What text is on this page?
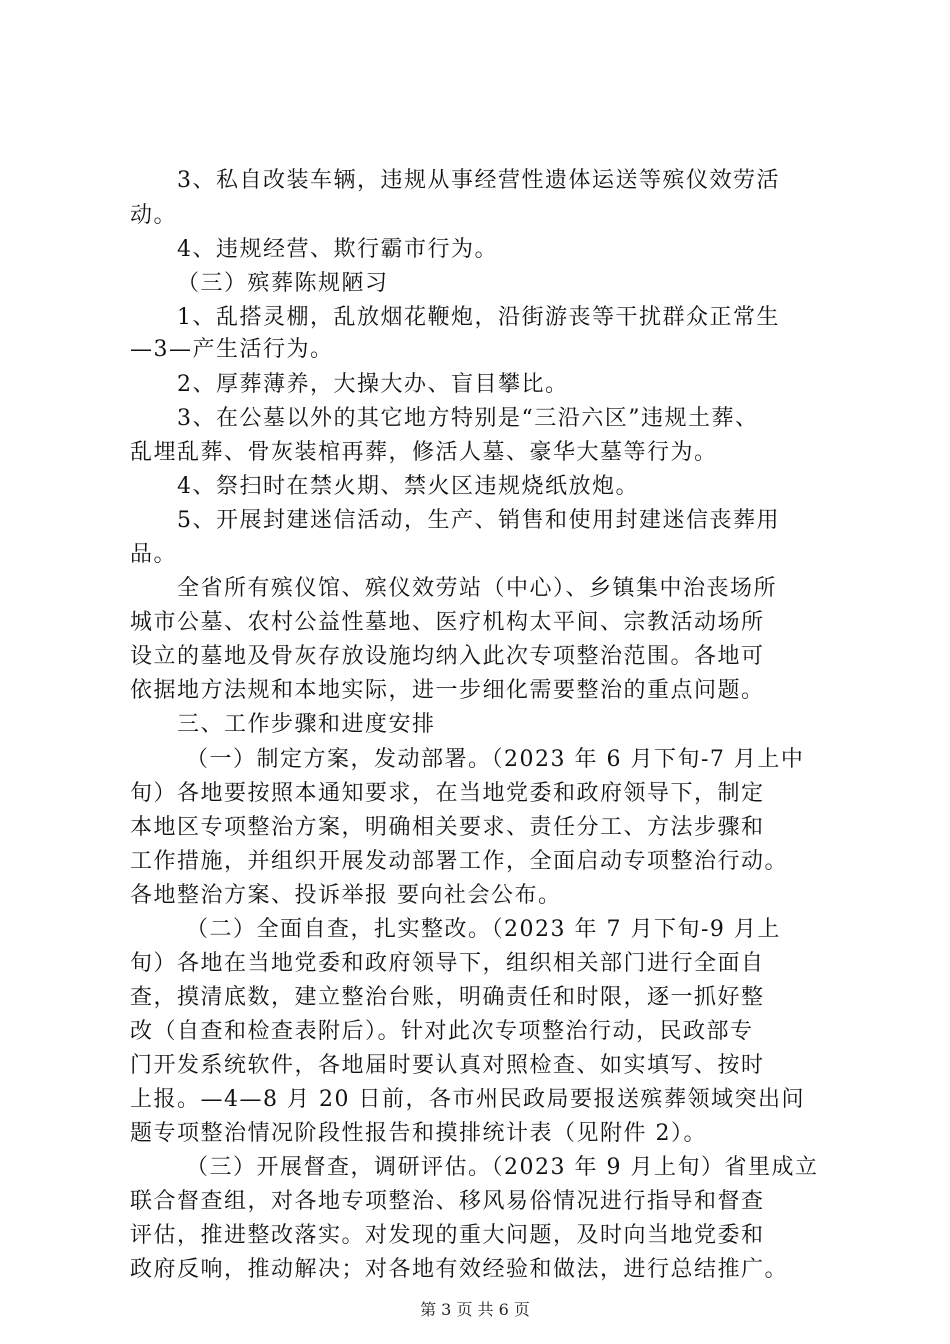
3、私自改装车辆，违规从事经营性遗体运送等殡仪效劳活
动。
4、违规经营、欺行霸市行为。
（三）殡葬陈规陋习
1、乱搭灵棚，乱放烟花鞭炮，沿街游丧等干扰群众正常生
—3—产生活行为。
2、厚葬薄养，大操大办、盲目攀比。
3、在公墓以外的其它地方特别是“三沿六区”违规土葬、
乱埋乱葬、骨灰装棺再葬，修活人墓、豪华大墓等行为。
4、祭扫时在禁火期、禁火区违规烧纸放炮。
5、开展封建迷信活动，生产、销售和使用封建迷信丧葬用
品。
全省所有殡仪馆、殡仪效劳站（中心）、乡镇集中治丧场所
城市公墓、农村公益性墓地、医疗机构太平间、宗教活动场所
设立的墓地及骨灰存放设施均纳入此次专项整治范围。各地可
依据地方法规和本地实际，进一步细化需要整治的重点问题。
三、工作步骤和进度安排
（一）制定方案，发动部署。（2023 年 6 月下旬-7 月上中
旬）各地要按照本通知要求，在当地党委和政府领导下，制定
本地区专项整治方案，明确相关要求、责任分工、方法步骤和
工作措施，并组织开展发动部署工作，全面启动专项整治行动。
各地整治方案、投诉举报 要向社会公布。
（二）全面自查，扎实整改。（2023 年 7 月下旬-9 月上
旬）各地在当地党委和政府领导下，组织相关部门进行全面自
查，摸清底数，建立整治台账，明确责任和时限，逐一抓好整
改（自查和检查表附后）。针对此次专项整治行动，民政部专
门开发系统软件，各地届时要认真对照检查、如实填写、按时
上报。—4—8 月 20 日前，各市州民政局要报送殡葬领域突出问
题专项整治情况阶段性报告和摸排统计表（见附件 2）。
（三）开展督查，调研评估。（2023 年 9 月上旬）省里成立
联合督查组，对各地专项整治、移风易俗情况进行指导和督查
评估，推进整改落实。对发现的重大问题，及时向当地党委和
政府反响，推动解决；对各地有效经验和做法，进行总结推广。
第 3 页 共 6 页
